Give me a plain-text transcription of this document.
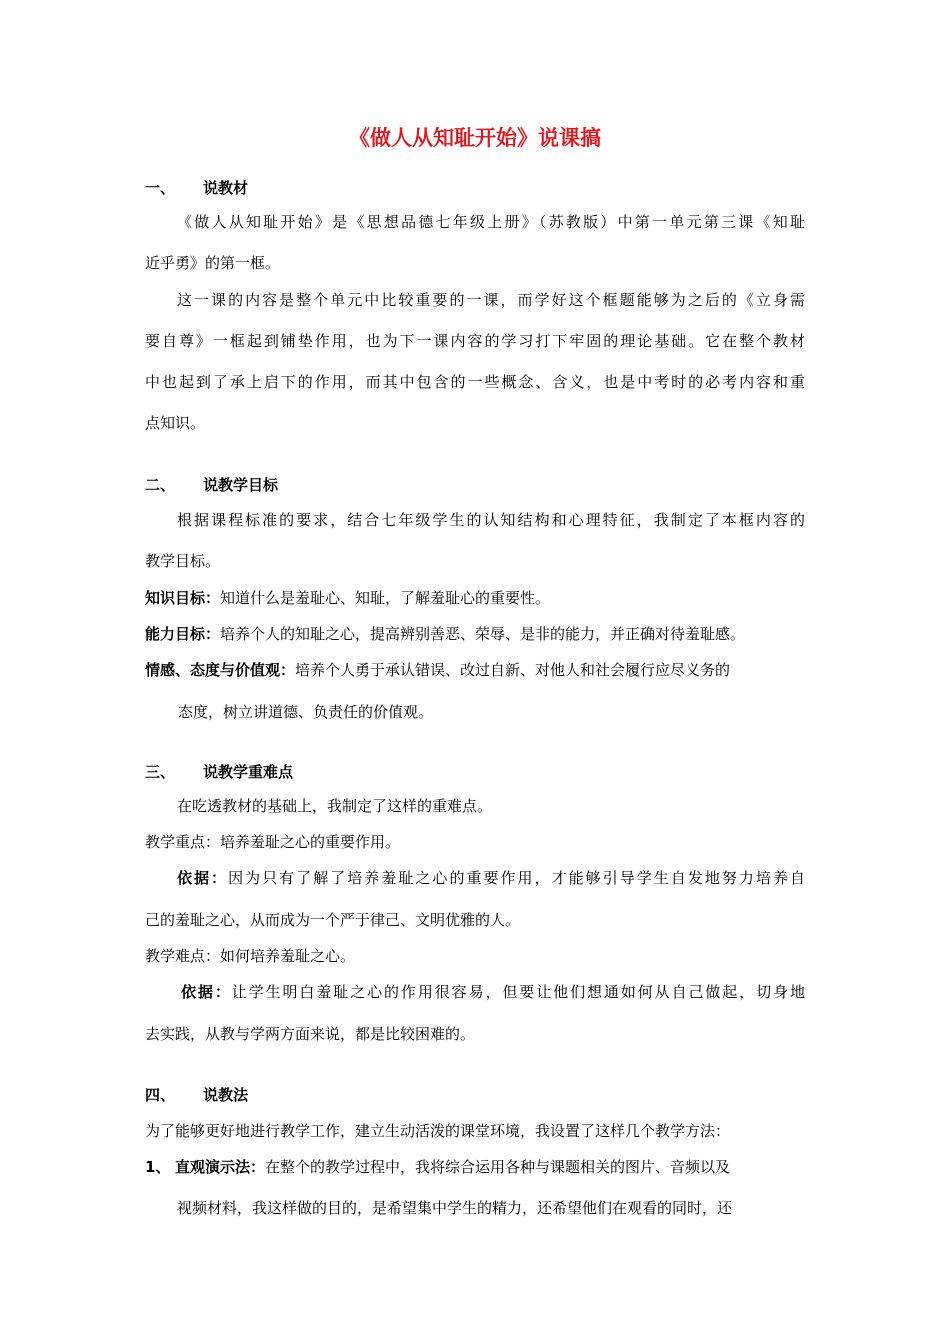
《做人从知耻开始》说课搞
一、 说教材
《做人从知耻开始》是《思想品德七年级上册》（苏教版）中第一单元第三课《知耻
近乎勇》的第一框。
这一课的内容是整个单元中比较重要的一课，而学好这个框题能够为之后的《立身需
要自尊》一框起到铺垫作用，也为下一课内容的学习打下牢固的理论基础。它在整个教材
中也起到了承上启下的作用，而其中包含的一些概念、含义，也是中考时的必考内容和重
点知识。
二、 说教学目标
根据课程标准的要求，结合七年级学生的认知结构和心理特征，我制定了本框内容的
教学目标。
知识目标：知道什么是羞耻心、知耻，了解羞耻心的重要性。
能力目标：培养个人的知耻之心，提高辨别善恶、荣辱、是非的能力，并正确对待羞耻感。
情感、态度与价值观：培养个人勇于承认错误、改过自新、对他人和社会履行应尽义务的
态度，树立讲道德、负责任的价值观。
三、 说教学重难点
在吃透教材的基础上，我制定了这样的重难点。
教学重点：培养羞耻之心的重要作用。
依据：因为只有了解了培养羞耻之心的重要作用，才能够引导学生自发地努力培养自
己的羞耻之心，从而成为一个严于律己、文明优雅的人。
教学难点：如何培养羞耻之心。
依据：让学生明白羞耻之心的作用很容易，但要让他们想通如何从自己做起，切身地
去实践，从教与学两方面来说，都是比较困难的。
四、 说教法
为了能够更好地进行教学工作，建立生动活泼的课堂环境，我设置了这样几个教学方法：
1、 直观演示法：在整个的教学过程中，我将综合运用各种与课题相关的图片、音频以及
视频材料，我这样做的目的，是希望集中学生的精力，还希望他们在观看的同时，还
